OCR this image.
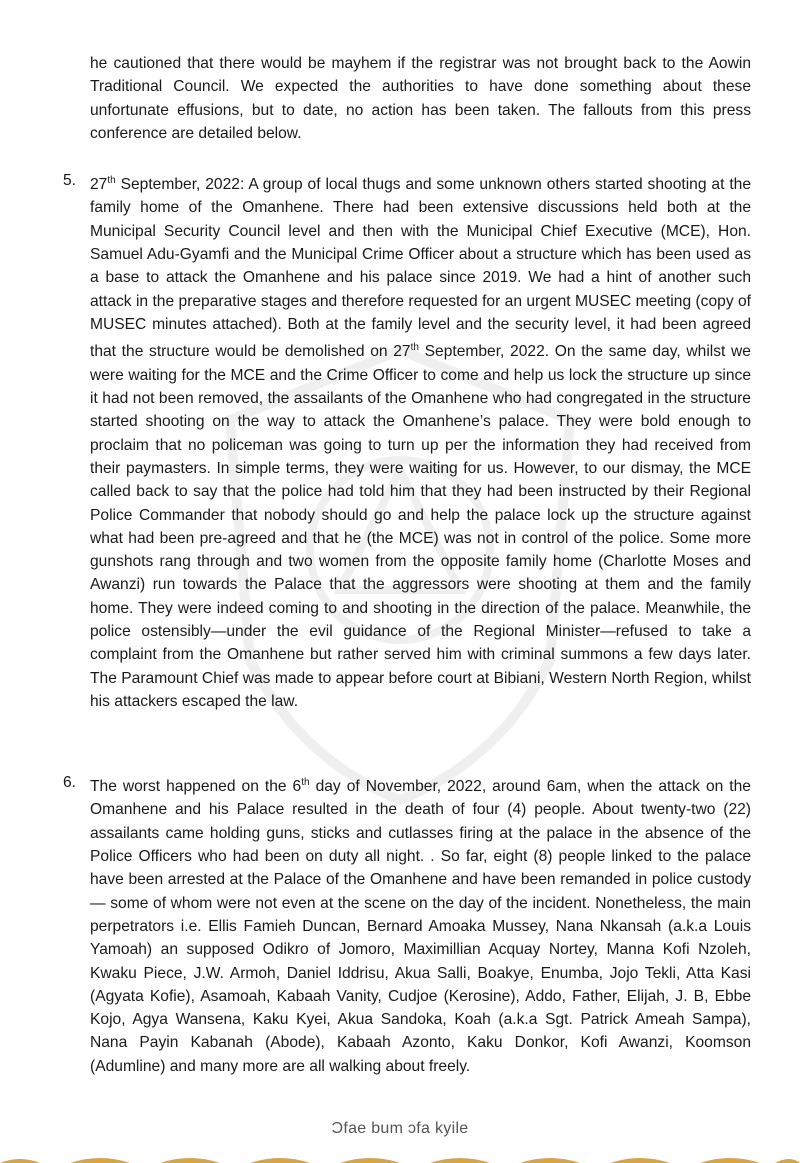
he cautioned that there would be mayhem if the registrar was not brought back to the Aowin Traditional Council. We expected the authorities to have done something about these unfortunate effusions, but to date, no action has been taken. The fallouts from this press conference are detailed below.

5. 27th September, 2022: A group of local thugs and some unknown others started shooting at the family home of the Omanhene. There had been extensive discussions held both at the Municipal Security Council level and then with the Municipal Chief Executive (MCE), Hon. Samuel Adu-Gyamfi and the Municipal Crime Officer about a structure which has been used as a base to attack the Omanhene and his palace since 2019. We had a hint of another such attack in the preparative stages and therefore requested for an urgent MUSEC meeting (copy of MUSEC minutes attached). Both at the family level and the security level, it had been agreed that the structure would be demolished on 27th September, 2022. On the same day, whilst we were waiting for the MCE and the Crime Officer to come and help us lock the structure up since it had not been removed, the assailants of the Omanhene who had congregated in the structure started shooting on the way to attack the Omanhene’s palace. They were bold enough to proclaim that no policeman was going to turn up per the information they had received from their paymasters. In simple terms, they were waiting for us. However, to our dismay, the MCE called back to say that the police had told him that they had been instructed by their Regional Police Commander that nobody should go and help the palace lock up the structure against what had been pre-agreed and that he (the MCE) was not in control of the police. Some more gunshots rang through and two women from the opposite family home (Charlotte Moses and Awanzi) run towards the Palace that the aggressors were shooting at them and the family home. They were indeed coming to and shooting in the direction of the palace. Meanwhile, the police ostensibly—under the evil guidance of the Regional Minister—refused to take a complaint from the Omanhene but rather served him with criminal summons a few days later. The Paramount Chief was made to appear before court at Bibiani, Western North Region, whilst his attackers escaped the law.

6. The worst happened on the 6th day of November, 2022, around 6am, when the attack on the Omanhene and his Palace resulted in the death of four (4) people. About twenty-two (22) assailants came holding guns, sticks and cutlasses firing at the palace in the absence of the Police Officers who had been on duty all night. . So far, eight (8) people linked to the palace have been arrested at the Palace of the Omanhene and have been remanded in police custody— some of whom were not even at the scene on the day of the incident. Nonetheless, the main perpetrators i.e. Ellis Famieh Duncan, Bernard Amoaka Mussey, Nana Nkansah (a.k.a Louis Yamoah) an supposed Odikro of Jomoro, Maximillian Acquay Nortey, Manna Kofi Nzoleh, Kwaku Piece, J.W. Armoh, Daniel Iddrisu, Akua Salli, Boakye, Enumba, Jojo Tekli, Atta Kasi (Agyata Kofie), Asamoah, Kabaah Vanity, Cudjoe (Kerosine), Addo, Father, Elijah, J. B, Ebbe Kojo, Agya Wansena, Kaku Kyei, Akua Sandoka, Koah (a.k.a Sgt. Patrick Ameah Sampa), Nana Payin Kabanah (Abode), Kabaah Azonto, Kaku Donkor, Kofi Awanzi, Koomson (Adumline) and many more are all walking about freely.

Ɔfae bum ɔfa kyile
